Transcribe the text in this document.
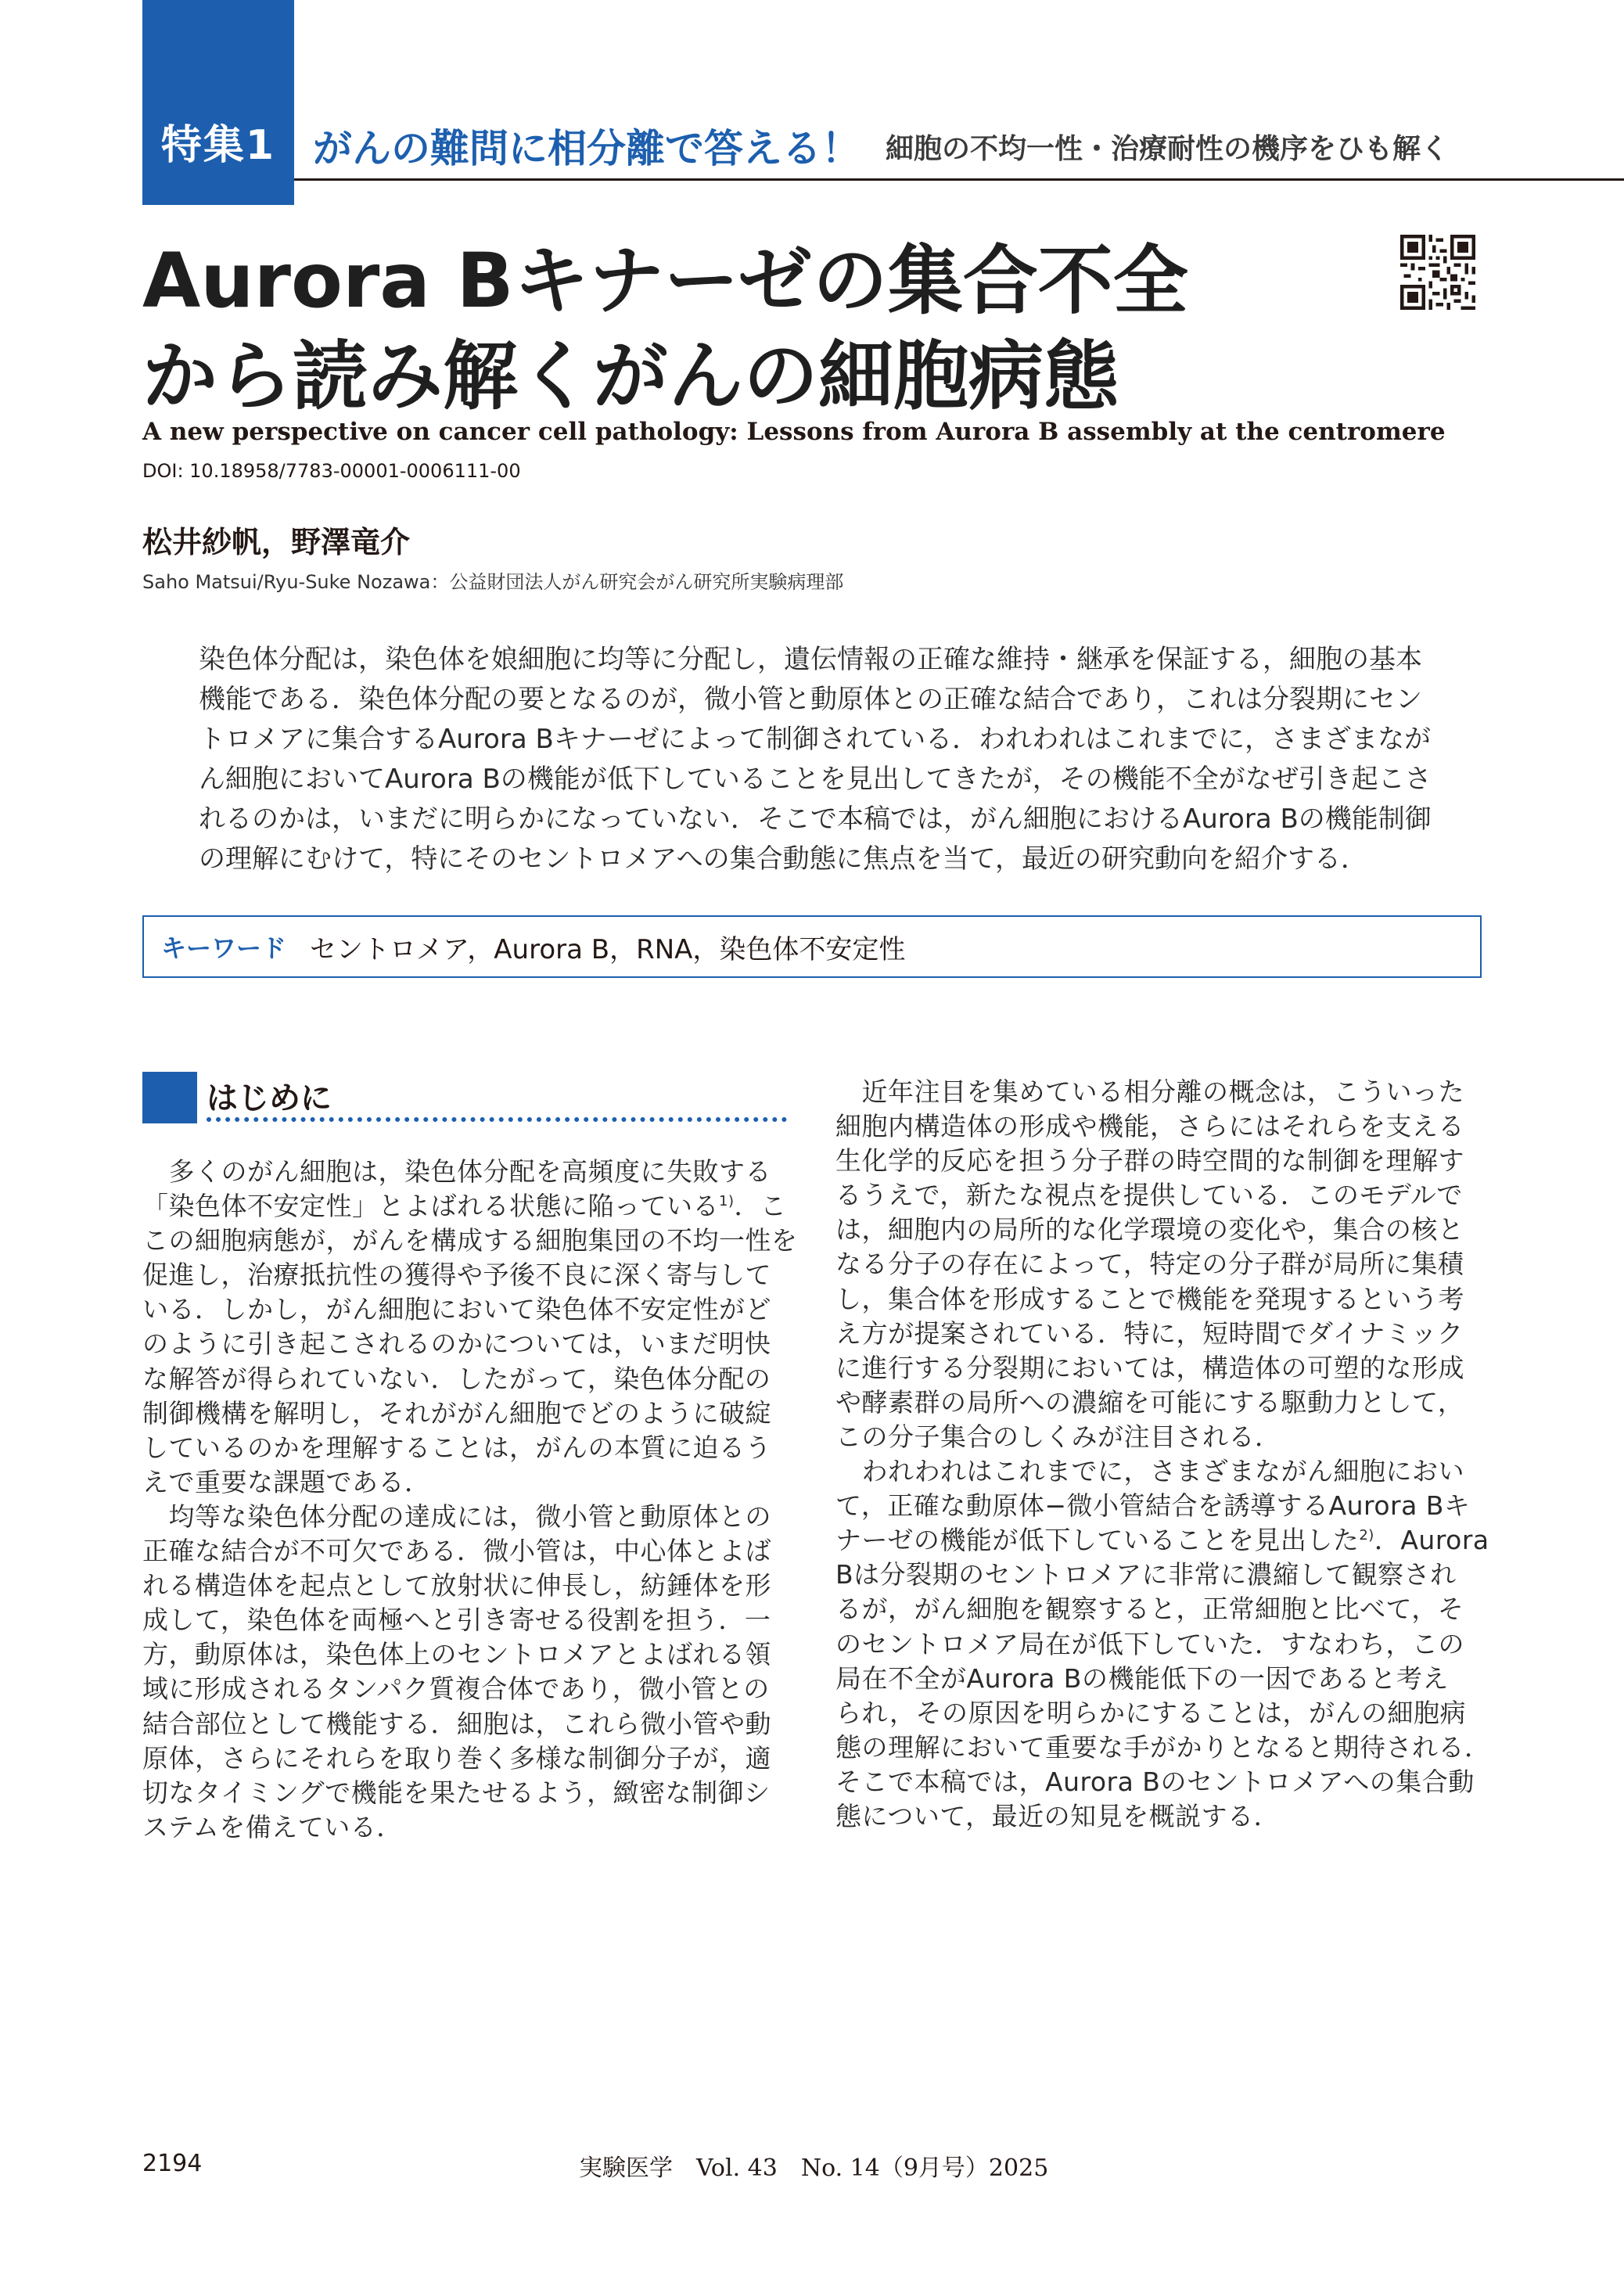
特集1 がんの難問に相分離で答える！ 細胞の不均一性・治療耐性の機序をひも解く
Aurora Bキナーゼの集合不全
から読み解くがんの細胞病態
A new perspective on cancer cell pathology: Lessons from Aurora B assembly at the centromere
DOI: 10.18958/7783-00001-0006111-00
松井紗帆，野澤竜介
Saho Matsui/Ryu-Suke Nozawa：公益財団法人がん研究会がん研究所実験病理部
染色体分配は，染色体を娘細胞に均等に分配し，遺伝情報の正確な維持・継承を保証する，細胞の基本
機能である．染色体分配の要となるのが，微小管と動原体との正確な結合であり，これは分裂期にセン
トロメアに集合するAurora Bキナーゼによって制御されている．われわれはこれまでに，さまざまなが
ん細胞においてAurora Bの機能が低下していることを見出してきたが，その機能不全がなぜ引き起こさ
れるのかは，いまだに明らかになっていない．そこで本稿では，がん細胞におけるAurora Bの機能制御
の理解にむけて，特にそのセントロメアへの集合動態に焦点を当て，最近の研究動向を紹介する．
キーワード セントロメア，Aurora B，RNA，染色体不安定性
はじめに
　多くのがん細胞は，染色体分配を高頻度に失敗する
「染色体不安定性」とよばれる状態に陥っている$^{1)}$．こ
この細胞病態が，がんを構成する細胞集団の不均一性を
促進し，治療抵抗性の獲得や予後不良に深く寄与して
いる．しかし，がん細胞において染色体不安定性がど
のように引き起こされるのかについては，いまだ明快
な解答が得られていない．したがって，染色体分配の
制御機構を解明し，それががん細胞でどのように破綻
しているのかを理解することは，がんの本質に迫るう
えで重要な課題である．
　均等な染色体分配の達成には，微小管と動原体との
正確な結合が不可欠である．微小管は，中心体とよば
れる構造体を起点として放射状に伸長し，紡錘体を形
成して，染色体を両極へと引き寄せる役割を担う．一
方，動原体は，染色体上のセントロメアとよばれる領
域に形成されるタンパク質複合体であり，微小管との
結合部位として機能する．細胞は，これら微小管や動
原体，さらにそれらを取り巻く多様な制御分子が，適
切なタイミングで機能を果たせるよう，緻密な制御シ
ステムを備えている．
　近年注目を集めている相分離の概念は，こういった
細胞内構造体の形成や機能，さらにはそれらを支える
生化学的反応を担う分子群の時空間的な制御を理解す
るうえで，新たな視点を提供している．このモデルで
は，細胞内の局所的な化学環境の変化や，集合の核と
なる分子の存在によって，特定の分子群が局所に集積
し，集合体を形成することで機能を発現するという考
え方が提案されている．特に，短時間でダイナミック
に進行する分裂期においては，構造体の可塑的な形成
や酵素群の局所への濃縮を可能にする駆動力として，
この分子集合のしくみが注目される．
　われわれはこれまでに，さまざまながん細胞におい
て，正確な動原体−微小管結合を誘導するAurora Bキ
ナーゼの機能が低下していることを見出した$^{2)}$．Aurora
Bは分裂期のセントロメアに非常に濃縮して観察され
るが，がん細胞を観察すると，正常細胞と比べて，そ
のセントロメア局在が低下していた．すなわち，この
局在不全がAurora Bの機能低下の一因であると考え
られ，その原因を明らかにすることは，がんの細胞病
態の理解において重要な手がかりとなると期待される．
そこで本稿では，Aurora Bのセントロメアへの集合動
態について，最近の知見を概説する．
2194	実験医学　Vol. 43　No. 14（9月号）2025
